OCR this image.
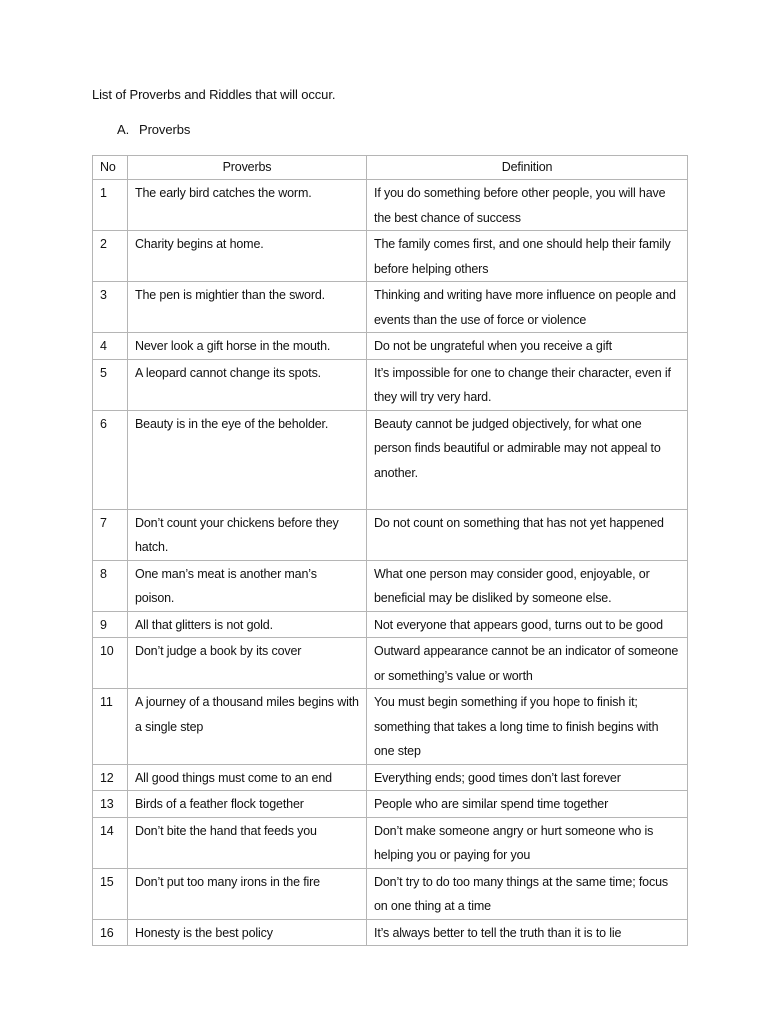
List of Proverbs and Riddles that will occur.
A. Proverbs
No	Proverbs	Definition
1	The early bird catches the worm.	If you do something before other people, you will have the best chance of success
2	Charity begins at home.	The family comes first, and one should help their family before helping others
3	The pen is mightier than the sword.	Thinking and writing have more influence on people and events than the use of force or violence
4	Never look a gift horse in the mouth.	Do not be ungrateful when you receive a gift
5	A leopard cannot change its spots.	It’s impossible for one to change their character, even if they will try very hard.
6	Beauty is in the eye of the beholder.	Beauty cannot be judged objectively, for what one person finds beautiful or admirable may not appeal to another.
7	Don’t count your chickens before they hatch.	Do not count on something that has not yet happened
8	One man’s meat is another man’s poison.	What one person may consider good, enjoyable, or beneficial may be disliked by someone else.
9	All that glitters is not gold.	Not everyone that appears good, turns out to be good
10	Don’t judge a book by its cover	Outward appearance cannot be an indicator of someone or something’s value or worth
11	A journey of a thousand miles begins with a single step	You must begin something if you hope to finish it; something that takes a long time to finish begins with one step
12	All good things must come to an end	Everything ends; good times don’t last forever
13	Birds of a feather flock together	People who are similar spend time together
14	Don’t bite the hand that feeds you	Don’t make someone angry or hurt someone who is helping you or paying for you
15	Don’t put too many irons in the fire	Don’t try to do too many things at the same time; focus on one thing at a time
16	Honesty is the best policy	It’s always better to tell the truth than it is to lie
